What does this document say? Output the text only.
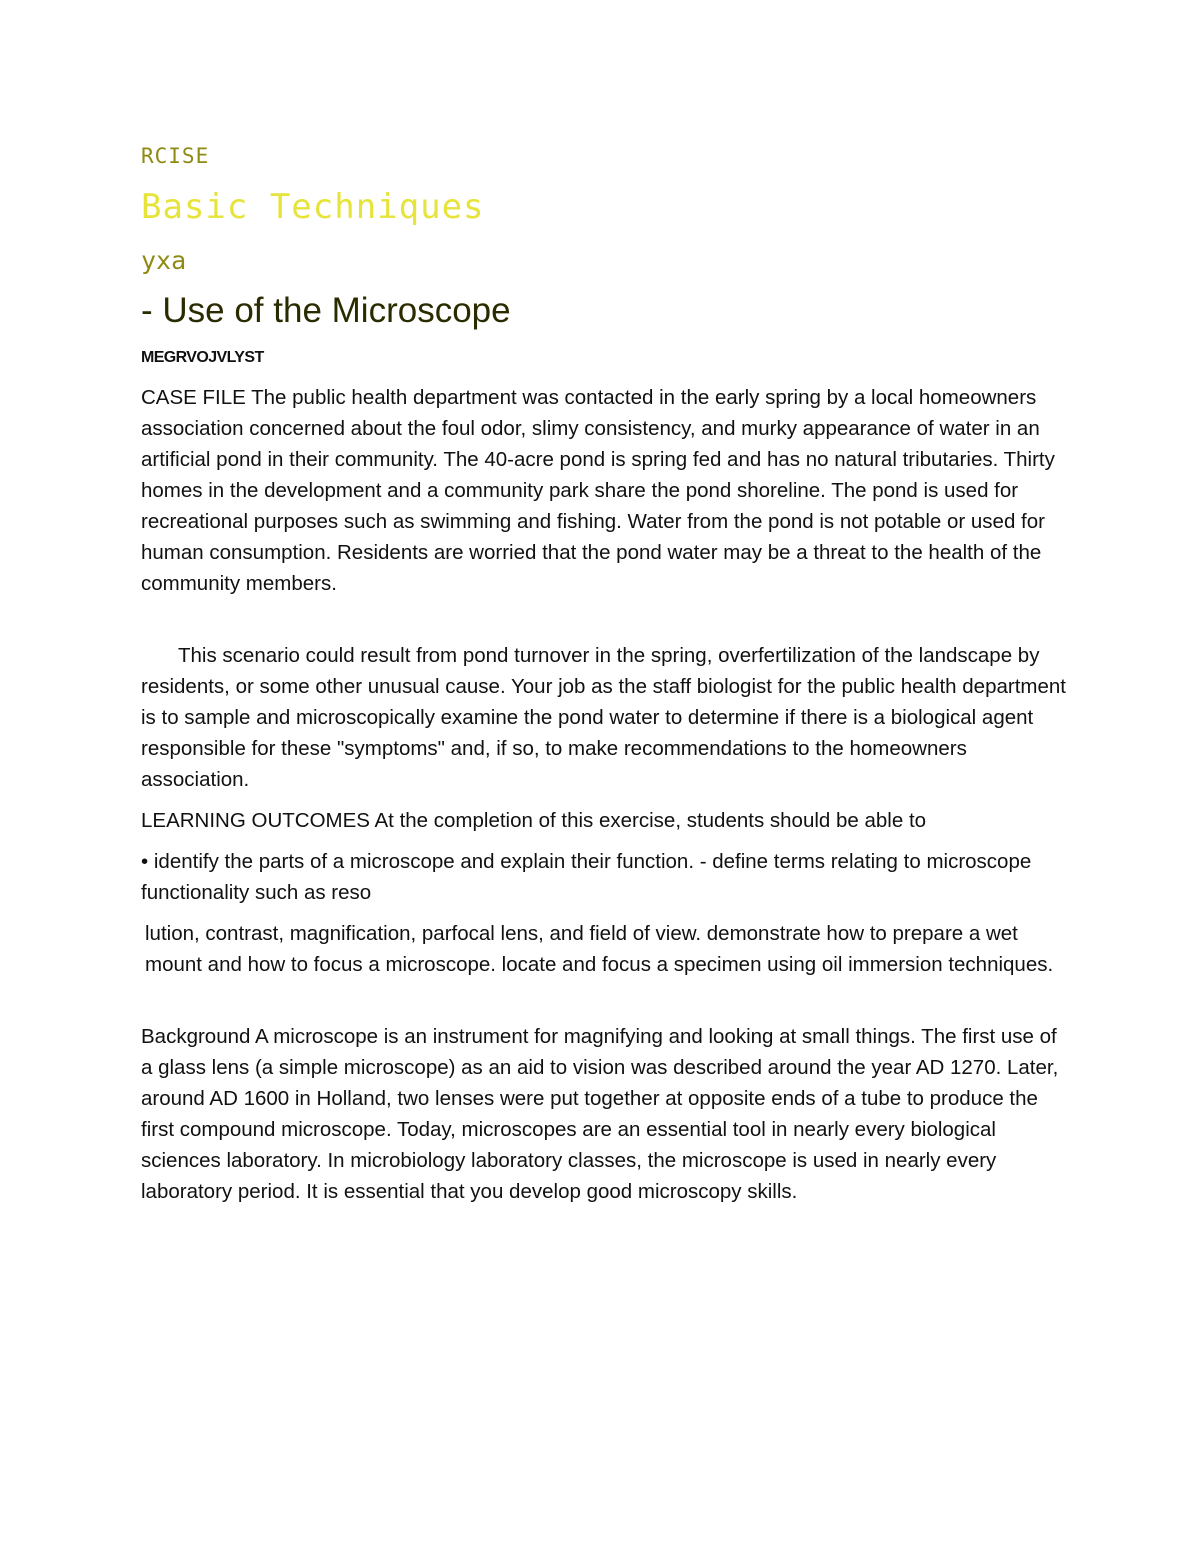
RCISE

Basic Techniques

yxa

- Use of the Microscope

MEGRVOJVLYST

CASE FILE The public health department was contacted in the early spring by a local homeowners association concerned about the foul odor, slimy consistency, and murky appearance of water in an artificial pond in their community. The 40-acre pond is spring fed and has no natural tributaries. Thirty homes in the development and a community park share the pond shoreline. The pond is used for recreational purposes such as swimming and fishing. Water from the pond is not potable or used for human consumption. Residents are worried that the pond water may be a threat to the health of the community members.

This scenario could result from pond turnover in the spring, overfertilization of the landscape by residents, or some other unusual cause. Your job as the staff biologist for the public health department is to sample and microscopically examine the pond water to determine if there is a biological agent responsible for these "symptoms" and, if so, to make recommendations to the homeowners association.

LEARNING OUTCOMES At the completion of this exercise, students should be able to

• identify the parts of a microscope and explain their function. - define terms relating to microscope functionality such as reso

lution, contrast, magnification, parfocal lens, and field of view. demonstrate how to prepare a wet mount and how to focus a microscope. locate and focus a specimen using oil immersion techniques.

Background A microscope is an instrument for magnifying and looking at small things. The first use of a glass lens (a simple microscope) as an aid to vision was described around the year AD 1270. Later, around AD 1600 in Holland, two lenses were put together at opposite ends of a tube to produce the first compound microscope. Today, microscopes are an essential tool in nearly every biological sciences laboratory. In microbiology laboratory classes, the microscope is used in nearly every laboratory period. It is essential that you develop good microscopy skills.
